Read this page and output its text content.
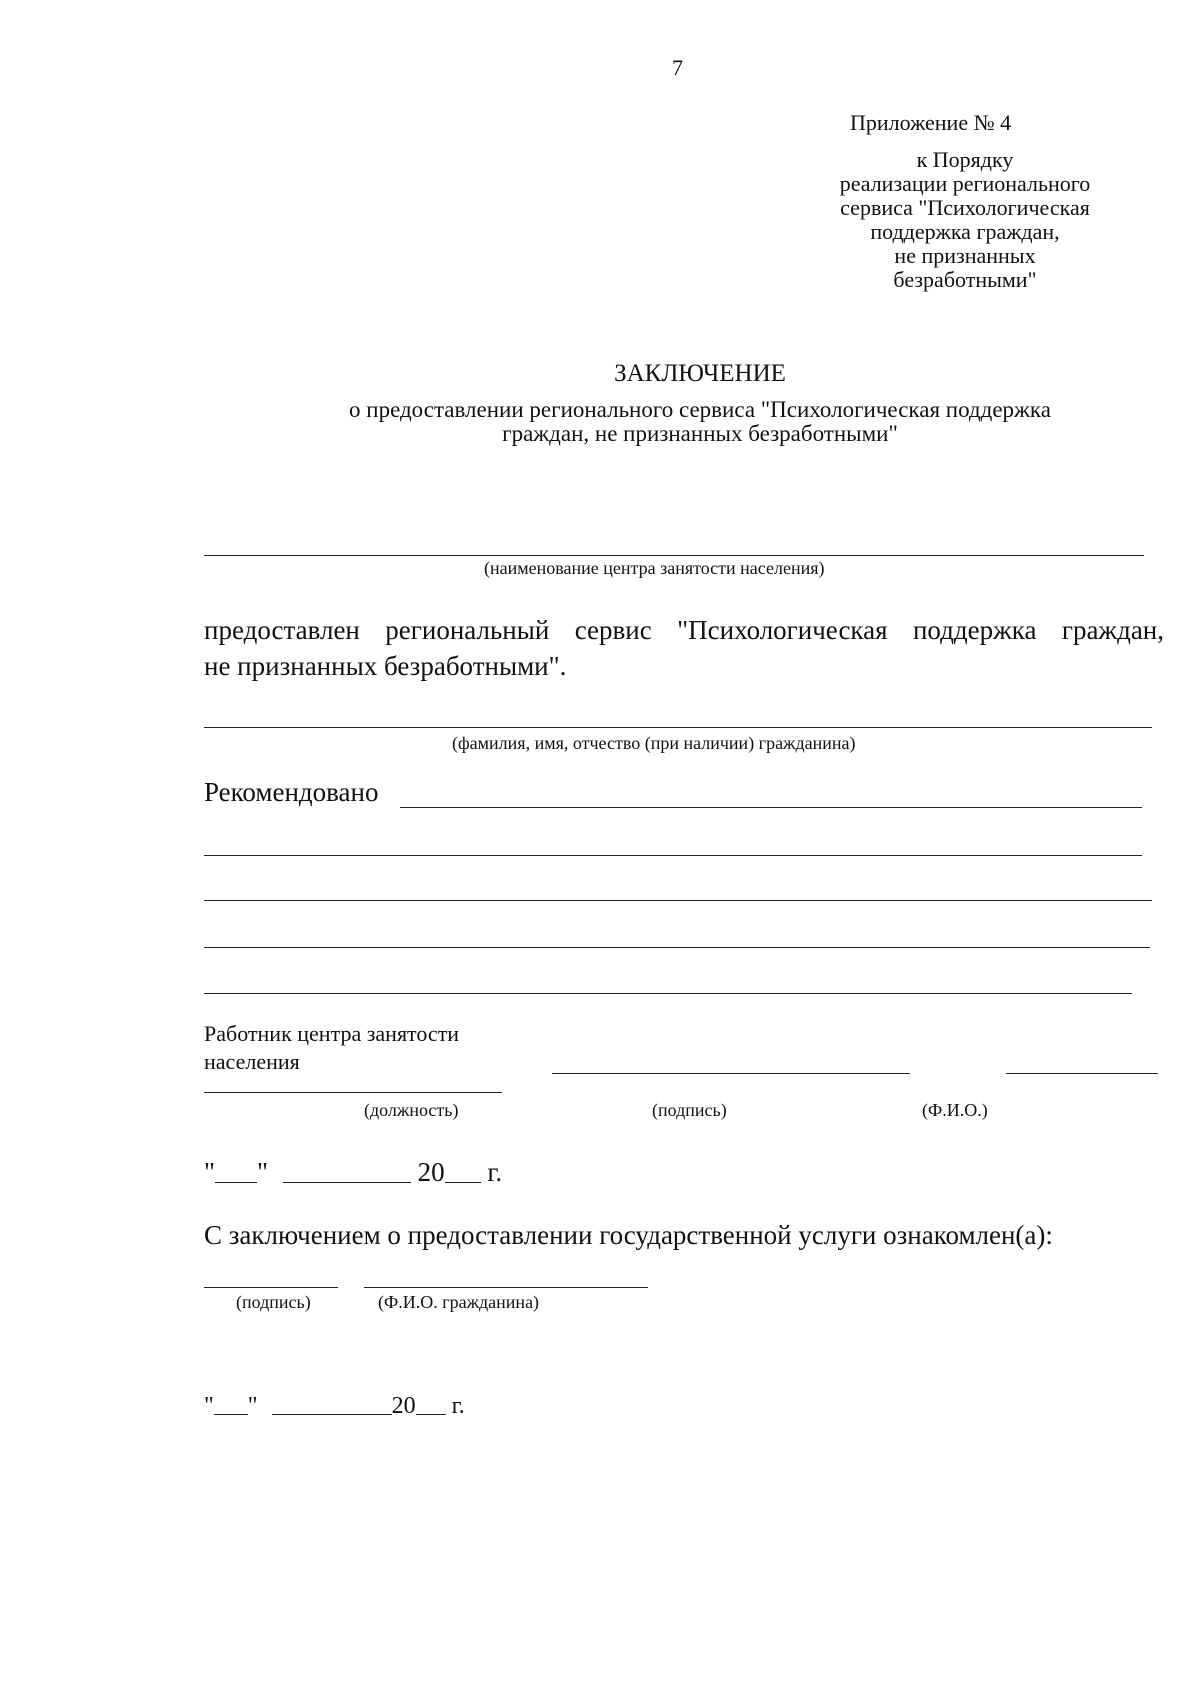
7
Приложение № 4
к Порядку
реализации регионального
сервиса "Психологическая
поддержка граждан,
не признанных
безработными"
ЗАКЛЮЧЕНИЕ
о предоставлении регионального сервиса "Психологическая поддержка
граждан, не признанных безработными"
(наименование центра занятости населения)
предоставлен региональный сервис "Психологическая поддержка граждан,
не признанных безработными".
(фамилия, имя, отчество (при наличии) гражданина)
Рекомендовано
Работник центра занятости
населения
(должность)	(подпись)	(Ф.И.О.)
" "	20 г.
С заключением о предоставлении государственной услуги ознакомлен(а):
(подпись)	(Ф.И.О. гражданина)
" "	20 г.
